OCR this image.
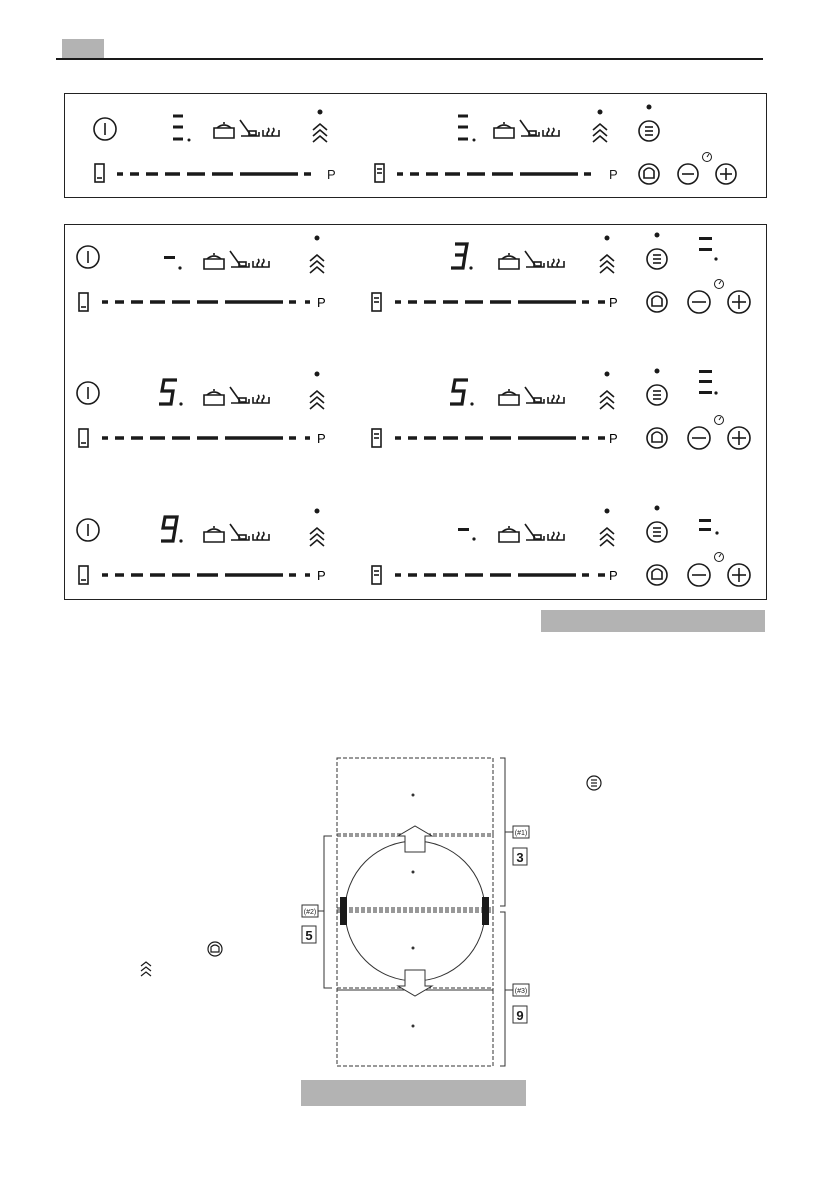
P	P
P	P
P	P
P	P
(#1)
(#2)
(#3)
3
5
9
